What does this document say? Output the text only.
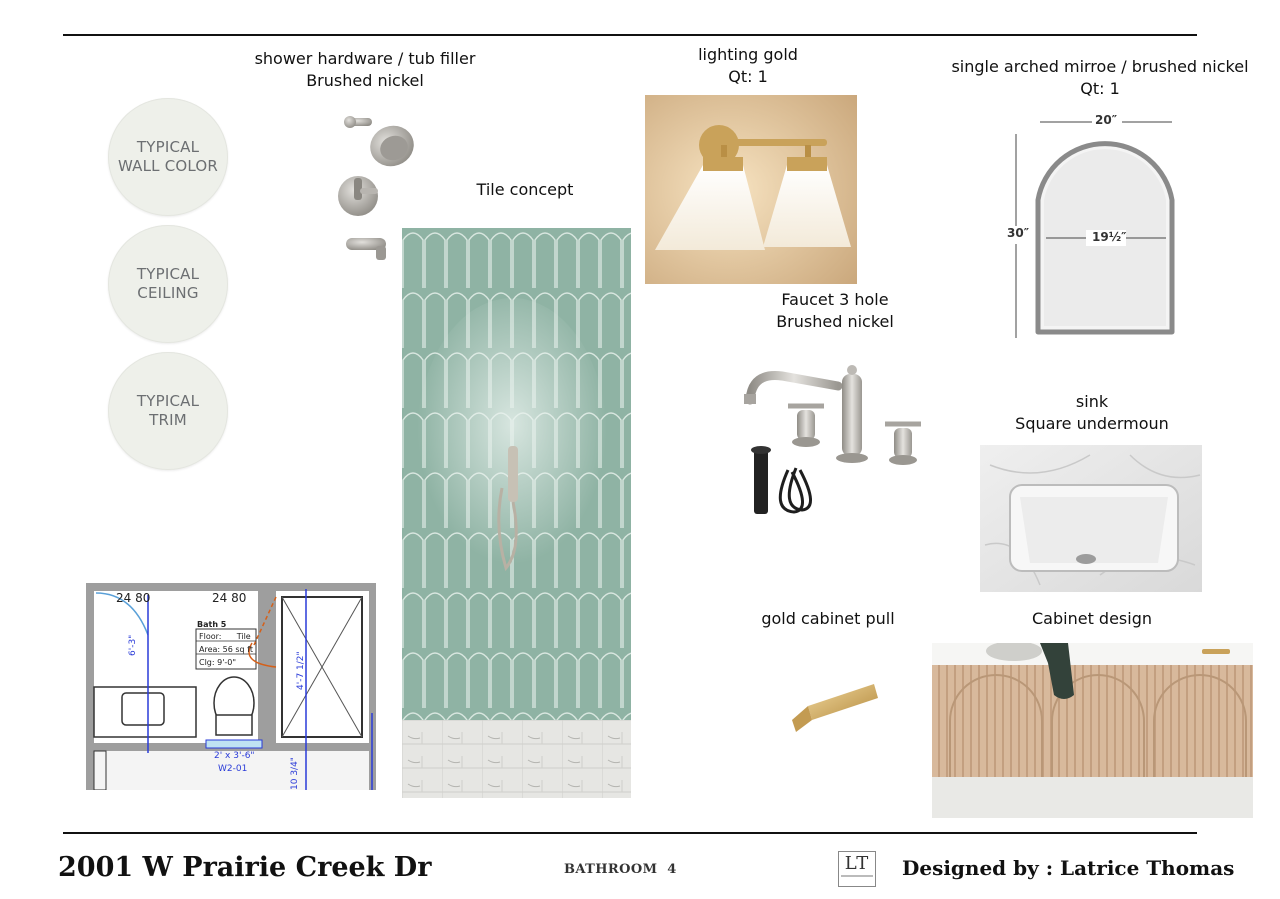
shower hardware / tub filler
Brushed nickel
lighting gold
Qt: 1
single arched mirroe / brushed nickel
Qt: 1
Tile concept
Faucet 3 hole
Brushed nickel
sink
Square undermoun
gold cabinet pull	Cabinet design
TYPICAL
WALL COLOR
TYPICAL
CEILING
TYPICAL
TRIM
20″
30″	19½″
24 80	24 80
Bath 5
Floor:      Tile
Area: 56 sq ft
Clg: 9'-0"
6'-3"
4'-7 1/2"
10 3/4"
2' x 3'-6"
W2-01
2001 W Prairie Creek Dr	BATHROOM  4	LT Designed by : Latrice Thomas
